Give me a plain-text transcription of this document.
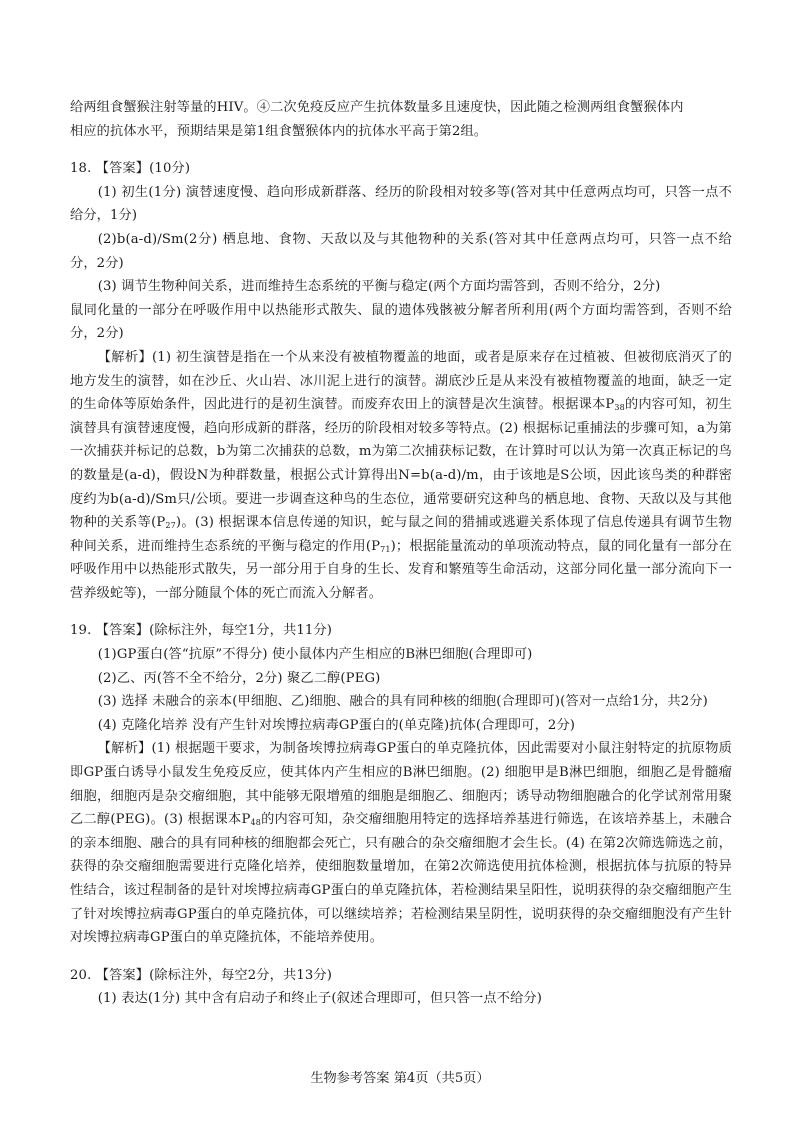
给两组食蟹猴注射等量的HIV。④二次免疫反应产生抗体数量多且速度快，因此随之检测两组食蟹猴体内

相应的抗体水平，预期结果是第1组食蟹猴体内的抗体水平高于第2组。

18. 【答案】(10分)

(1) 初生(1分) 演替速度慢、趋向形成新群落、经历的阶段相对较多等(答对其中任意两点均可，只答一点不给分，1分)

(2)b(a-d)/Sm(2分) 栖息地、食物、天敌以及与其他物种的关系(答对其中任意两点均可，只答一点不给分，2分)

(3) 调节生物种间关系，进而维持生态系统的平衡与稳定(两个方面均需答到，否则不给分，2分)

鼠同化量的一部分在呼吸作用中以热能形式散失、鼠的遗体残骸被分解者所利用(两个方面均需答到，否则不给分，2分)

【解析】(1) 初生演替是指在一个从来没有被植物覆盖的地面，或者是原来存在过植被、但被彻底消灭了的地方发生的演替，如在沙丘、火山岩、冰川泥上进行的演替。湖底沙丘是从来没有被植物覆盖的地面，缺乏一定的生命体等原始条件，因此进行的是初生演替。而废弃农田上的演替是次生演替。根据课本$P_{38}$的内容可知，初生演替具有演替速度慢，趋向形成新的群落，经历的阶段相对较多等特点。(2) 根据标记重捕法的步骤可知，a为第一次捕获并标记的总数，b为第二次捕获的总数，m为第二次捕获标记数，在计算时可以认为第一次真正标记的鸟的数量是(a-d)，假设N为种群数量，根据公式计算得出N=b(a-d)/m，由于该地是S公顷，因此该鸟类的种群密度约为b(a-d)/Sm只/公顷。要进一步调查这种鸟的生态位，通常要研究这种鸟的栖息地、食物、天敌以及与其他物种的关系等$(P_{27})$。(3) 根据课本信息传递的知识，蛇与鼠之间的猎捕或逃避关系体现了信息传递具有调节生物种间关系，进而维持生态系统的平衡与稳定的作用$(P_{71})$；根据能量流动的单项流动特点，鼠的同化量有一部分在呼吸作用中以热能形式散失，另一部分用于自身的生长、发育和繁殖等生命活动，这部分同化量一部分流向下一营养级蛇等)，一部分随鼠个体的死亡而流入分解者。

19. 【答案】(除标注外，每空1分，共11分)

(1)GP蛋白(答“抗原”不得分) 使小鼠体内产生相应的B淋巴细胞(合理即可)

(2)乙、丙(答不全不给分，2分) 聚乙二醇(PEG)

(3) 选择 未融合的亲本(甲细胞、乙)细胞、融合的具有同种核的细胞(合理即可)(答对一点给1分，共2分)

(4) 克隆化培养 没有产生针对埃博拉病毒GP蛋白的(单克隆)抗体(合理即可，2分)

【解析】(1) 根据题干要求，为制备埃博拉病毒GP蛋白的单克隆抗体，因此需要对小鼠注射特定的抗原物质即GP蛋白诱导小鼠发生免疫反应，使其体内产生相应的B淋巴细胞。(2) 细胞甲是B淋巴细胞，细胞乙是骨髓瘤细胞，细胞丙是杂交瘤细胞，其中能够无限增殖的细胞是细胞乙、细胞丙；诱导动物细胞融合的化学试剂常用聚乙二醇(PEG)。(3) 根据课本$P_{48}$的内容可知，杂交瘤细胞用特定的选择培养基进行筛选，在该培养基上，未融合的亲本细胞、融合的具有同种核的细胞都会死亡，只有融合的杂交瘤细胞才会生长。(4) 在第2次筛选筛选之前，获得的杂交瘤细胞需要进行克隆化培养，使细胞数量增加，在第2次筛选使用抗体检测，根据抗体与抗原的特异性结合，该过程制备的是针对埃博拉病毒GP蛋白的单克隆抗体，若检测结果呈阳性，说明获得的杂交瘤细胞产生了针对埃博拉病毒GP蛋白的单克隆抗体，可以继续培养；若检测结果呈阴性，说明获得的杂交瘤细胞没有产生针对埃博拉病毒GP蛋白的单克隆抗体，不能培养使用。

20. 【答案】(除标注外，每空2分，共13分)

(1) 表达(1分) 其中含有启动子和终止子(叙述合理即可，但只答一点不给分)

生物参考答案 第4页（共5页）
